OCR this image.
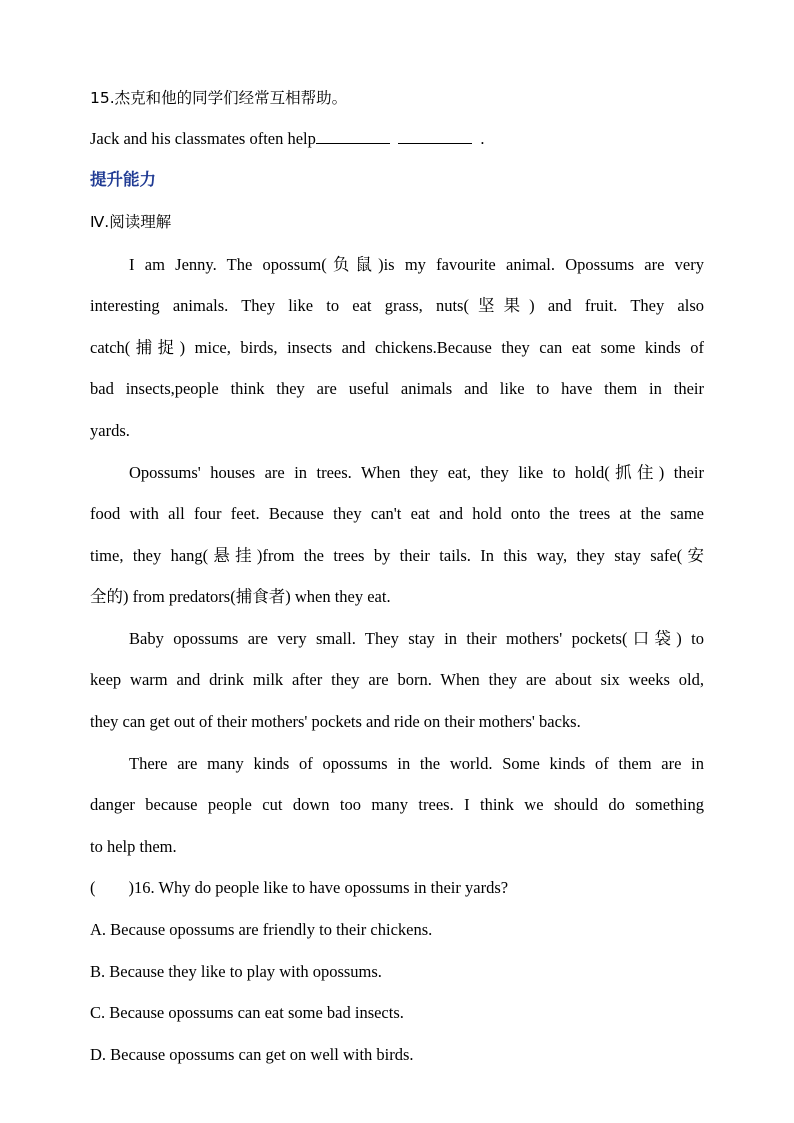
15.杰克和他的同学们经常互相帮助。
Jack and his classmates often help	.
提升能力
Ⅳ.阅读理解
I am Jenny. The opossum(负鼠)is my favourite animal. Opossums are very
interesting animals. They like to eat grass, nuts(坚果) and fruit. They also
catch(捕捉) mice, birds, insects and chickens.Because they can eat some kinds of
bad insects,people think they are useful animals and like to have them in their
yards.
Opossums' houses are in trees. When they eat, they like to hold(抓住) their
food with all four feet. Because they can't eat and hold onto the trees at the same
time, they hang(悬挂)from the trees by their tails. In this way, they stay safe(安
全的) from predators(捕食者) when they eat.
Baby opossums are very small. They stay in their mothers' pockets(口袋) to
keep warm and drink milk after they are born. When they are about six weeks old,
they can get out of their mothers' pockets and ride on their mothers' backs.
There are many kinds of opossums in the world. Some kinds of them are in
danger because people cut down too many trees. I think we should do something
to help them.
(        )16. Why do people like to have opossums in their yards?
A. Because opossums are friendly to their chickens.
B. Because they like to play with opossums.
C. Because opossums can eat some bad insects.
D. Because opossums can get on well with birds.
